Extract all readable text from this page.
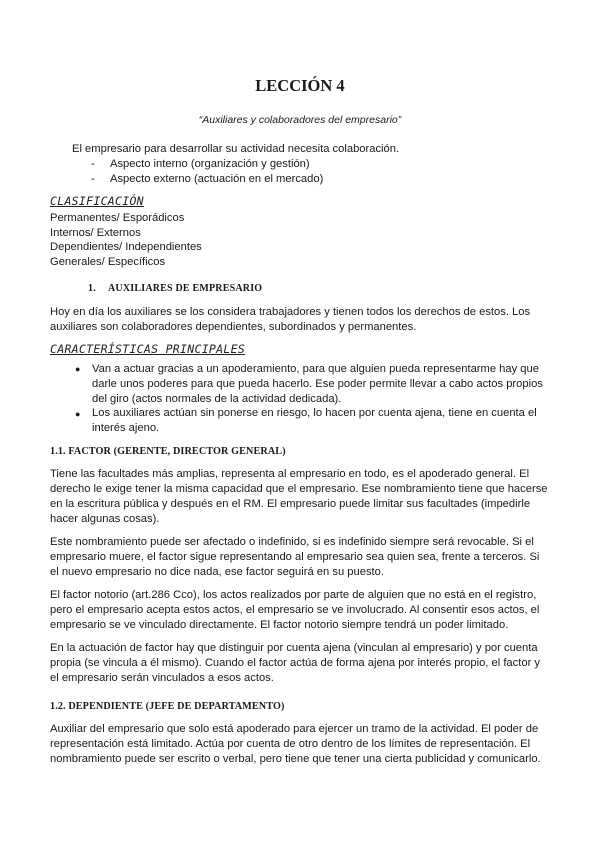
LECCIÓN 4
“Auxiliares y colaboradores del empresario”

El empresario para desarrollar su actividad necesita colaboración.

- Aspecto interno (organización y gestión)
- Aspecto externo (actuación en el mercado)
CLASIFICACIÓN
Permanentes/ Esporádicos
Internos/ Externos
Dependientes/ Independientes
Generales/ Específicos
1. AUXILIARES DE EMPRESARIO

Hoy en día los auxiliares se los considera trabajadores y tienen todos los derechos de estos. Los auxiliares son colaboradores dependientes, subordinados y permanentes.

CARACTERÍSTICAS PRINCIPALES
● Van a actuar gracias a un apoderamiento, para que alguien pueda representarme hay que darle unos poderes para que pueda hacerlo. Ese poder permite llevar a cabo actos propios del giro (actos normales de la actividad dedicada).

● Los auxiliares actúan sin ponerse en riesgo, lo hacen por cuenta ajena, tiene en cuenta el interés ajeno.

1.1. FACTOR (GERENTE, DIRECTOR GENERAL)

Tiene las facultades más amplias, representa al empresario en todo, es el apoderado general. El derecho le exige tener la misma capacidad que el empresario. Ese nombramiento tiene que hacerse en la escritura pública y después en el RM. El empresario puede limitar sus facultades (impedirle hacer algunas cosas).

Este nombramiento puede ser afectado o indefinido, si es indefinido siempre será revocable. Si el empresario muere, el factor sigue representando al empresario sea quien sea, frente a terceros. Si el nuevo empresario no dice nada, ese factor seguirá en su puesto.

El factor notorio (art.286 Cco), los actos realizados por parte de alguien que no está en el registro, pero el empresario acepta estos actos, el empresario se ve involucrado. Al consentir esos actos, el empresario se ve vinculado directamente. El factor notorio siempre tendrá un poder limitado.

En la actuación de factor hay que distinguir por cuenta ajena (vinculan al empresario) y por cuenta propia (se vincula a él mismo). Cuando el factor actúa de forma ajena por interés propio, el factor y el empresario serán vinculados a esos actos.

1.2. DEPENDIENTE (JEFE DE DEPARTAMENTO)

Auxiliar del empresario que solo está apoderado para ejercer un tramo de la actividad. El poder de representación está limitado. Actúa por cuenta de otro dentro de los límites de representación. El nombramiento puede ser escrito o verbal, pero tiene que tener una cierta publicidad y comunicarlo.
